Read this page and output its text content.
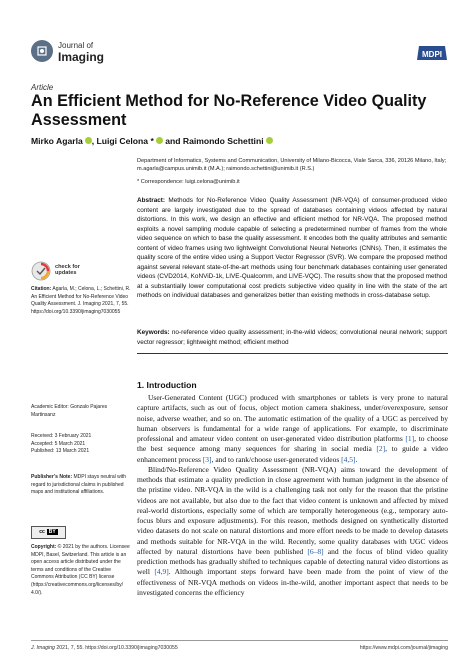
Journal of
Imaging	MDPI
Article
An Efficient Method for No-Reference Video Quality Assessment
Mirko Agarla , Luigi Celona * and Raimondo Schettini
Department of Informatics, Systems and Communication, University of Milano-Bicocca, Viale Sarca, 336, 20126 Milano, Italy; m.agarla@campus.unimib.it (M.A.); raimondo.schettini@unimib.it (R.S.)
* Correspondence: luigi.celona@unimib.it
Abstract: Methods for No-Reference Video Quality Assessment (NR-VQA) of consumer-produced video content are largely investigated due to the spread of databases containing videos affected by natural distortions. In this work, we design an effective and efficient method for NR-VQA. The proposed method exploits a novel sampling module capable of selecting a predetermined number of frames from the whole video sequence on which to base the quality assessment. It encodes both the quality attributes and semantic content of video frames using two lightweight Convolutional Neural Networks (CNNs). Then, it estimates the quality score of the entire video using a Support Vector Regressor (SVR). We compare the proposed method against several relevant state-of-the-art methods using four benchmark databases containing user generated videos (CVD2014, KoNViD-1k, LIVE-Qualcomm, and LIVE-VQC). The results show that the proposed method at a substantially lower computational cost predicts subjective video quality in line with the state of the art methods on individual databases and generalizes better than existing methods in cross-database setup.
Keywords: no-reference video quality assessment; in-the-wild videos; convolutional neural network; support vector regressor; lightweight method; efficient method
check for
updates
Citation: Agarla, M.; Celona, L.; Schettini, R. An Efficient Method for No-Reference Video Quality Assessment. J. Imaging 2021, 7, 55. https://doi.org/10.3390/jimaging7030055
Academic Editor: Gonzalo Pajares Martinsanz
Received: 3 February 2021
Accepted: 5 March 2021
Published: 13 March 2021
Publisher’s Note: MDPI stays neutral with regard to jurisdictional claims in published maps and institutional affiliations.
cc BY
Copyright: © 2021 by the authors. Licensee MDPI, Basel, Switzerland. This article is an open access article distributed under the terms and conditions of the Creative Commons Attribution (CC BY) license (https://creativecommons.org/licenses/by/ 4.0/).
1. Introduction

User-Generated Content (UGC) produced with smartphones or tablets is very prone to natural capture artifacts, such as out of focus, object motion camera shakiness, under/overexposure, sensor noise, adverse weather, and so on. The automatic estimation of the quality of a UGC as perceived by human observers is fundamental for a wide range of applications. For example, to discriminate professional and amateur video content on user-generated video distribution platforms [1], to choose the best sequence among many sequences for sharing in social media [2], to guide a video enhancement process [3], and to rank/choose user-generated videos [4,5].

Blind/No-Reference Video Quality Assessment (NR-VQA) aims toward the development of methods that estimate a quality prediction in close agreement with human judgment in the absence of the pristine video. NR-VQA in the wild is a challenging task not only for the reason that the pristine videos are not available, but also due to the fact that video content is unknown and affected by mixed real-world distortions, especially some of which are temporally heterogeneous (e.g., temporary auto-focus blurs and exposure adjustments). For this reason, methods designed on synthetically distorted video datasets do not scale on natural distortions and more effort needs to be made to develop datasets and methods suitable for NR-VQA in the wild. Recently, some quality databases with UGC videos affected by natural distortions have been published [6–8] and the focus of blind video quality prediction methods has gradually shifted to techniques capable of detecting natural video distortions as well [4,9]. Although important steps forward have been made from the point of view of the effectiveness of NR-VQA methods on videos in-the-wild, another important aspect that needs to be investigated concerns the efficiency

J. Imaging 2021, 7, 55. https://doi.org/10.3390/jimaging7030055	https://www.mdpi.com/journal/jimaging
